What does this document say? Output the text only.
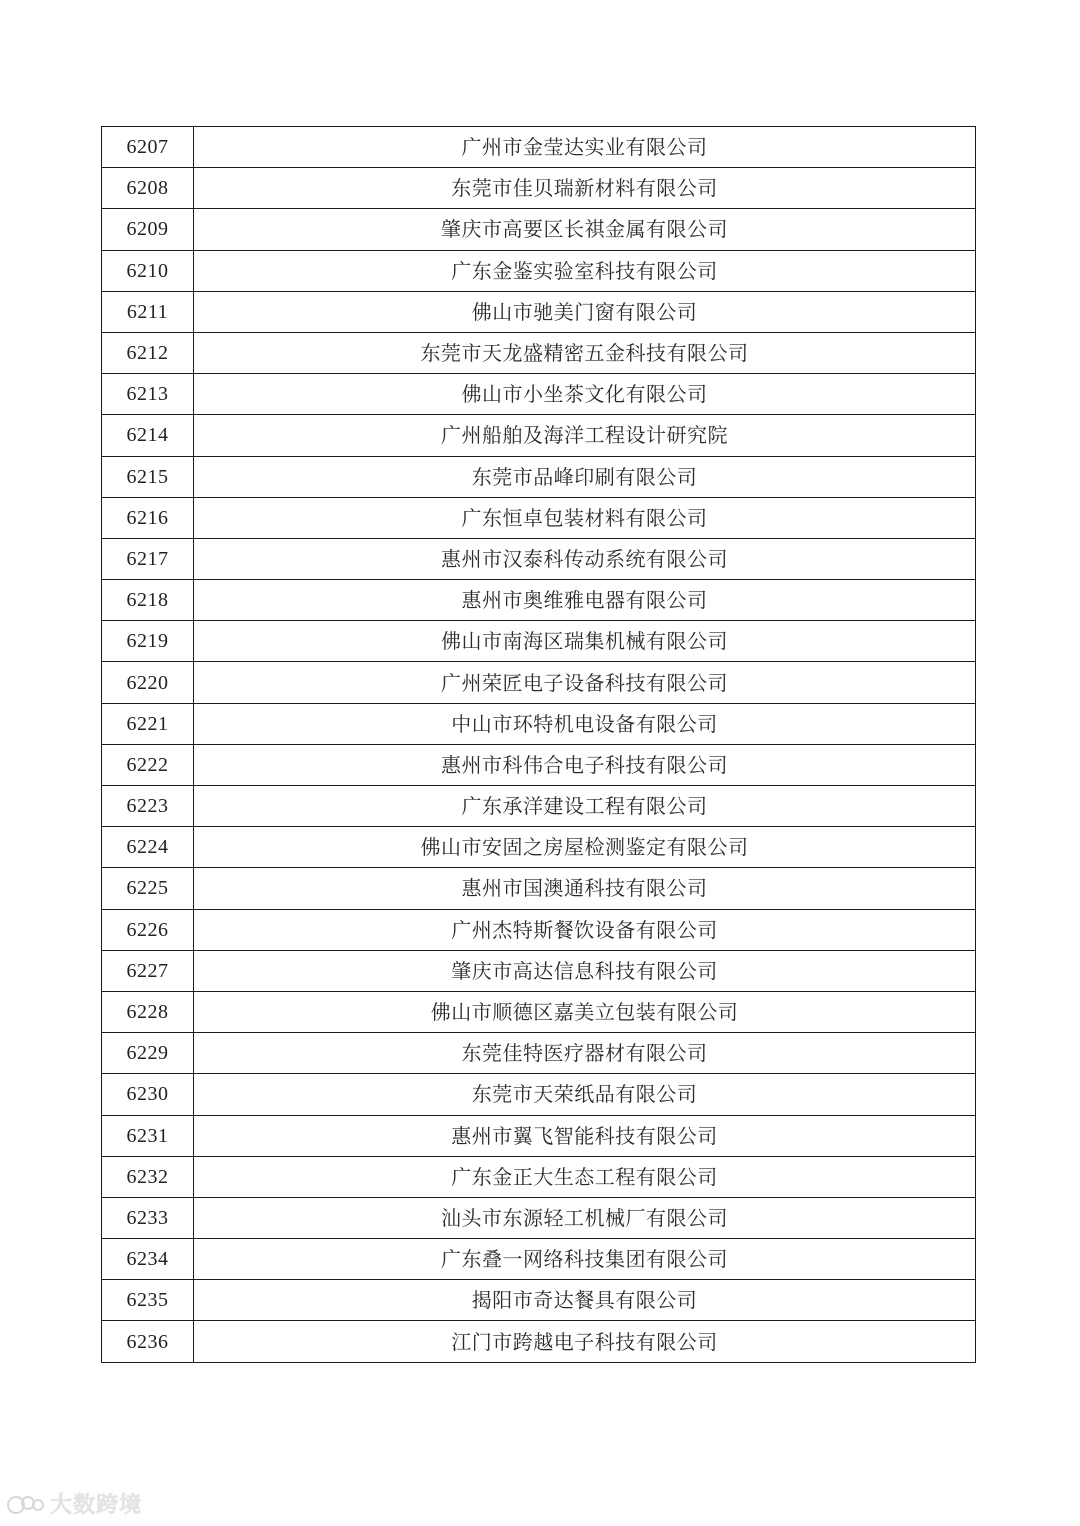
6207	广州市金莹达实业有限公司
6208	东莞市佳贝瑞新材料有限公司
6209	肇庆市高要区长祺金属有限公司
6210	广东金鉴实验室科技有限公司
6211	佛山市驰美门窗有限公司
6212	东莞市天龙盛精密五金科技有限公司
6213	佛山市小坐茶文化有限公司
6214	广州船舶及海洋工程设计研究院
6215	东莞市品峰印刷有限公司
6216	广东恒卓包装材料有限公司
6217	惠州市汉泰科传动系统有限公司
6218	惠州市奥维雅电器有限公司
6219	佛山市南海区瑞集机械有限公司
6220	广州荣匠电子设备科技有限公司
6221	中山市环特机电设备有限公司
6222	惠州市科伟合电子科技有限公司
6223	广东承洋建设工程有限公司
6224	佛山市安固之房屋检测鉴定有限公司
6225	惠州市国澳通科技有限公司
6226	广州杰特斯餐饮设备有限公司
6227	肇庆市高达信息科技有限公司
6228	佛山市顺德区嘉美立包装有限公司
6229	东莞佳特医疗器材有限公司
6230	东莞市天荣纸品有限公司
6231	惠州市翼飞智能科技有限公司
6232	广东金正大生态工程有限公司
6233	汕头市东源轻工机械厂有限公司
6234	广东叠一网络科技集团有限公司
6235	揭阳市奇达餐具有限公司
6236	江门市跨越电子科技有限公司
大数跨境
